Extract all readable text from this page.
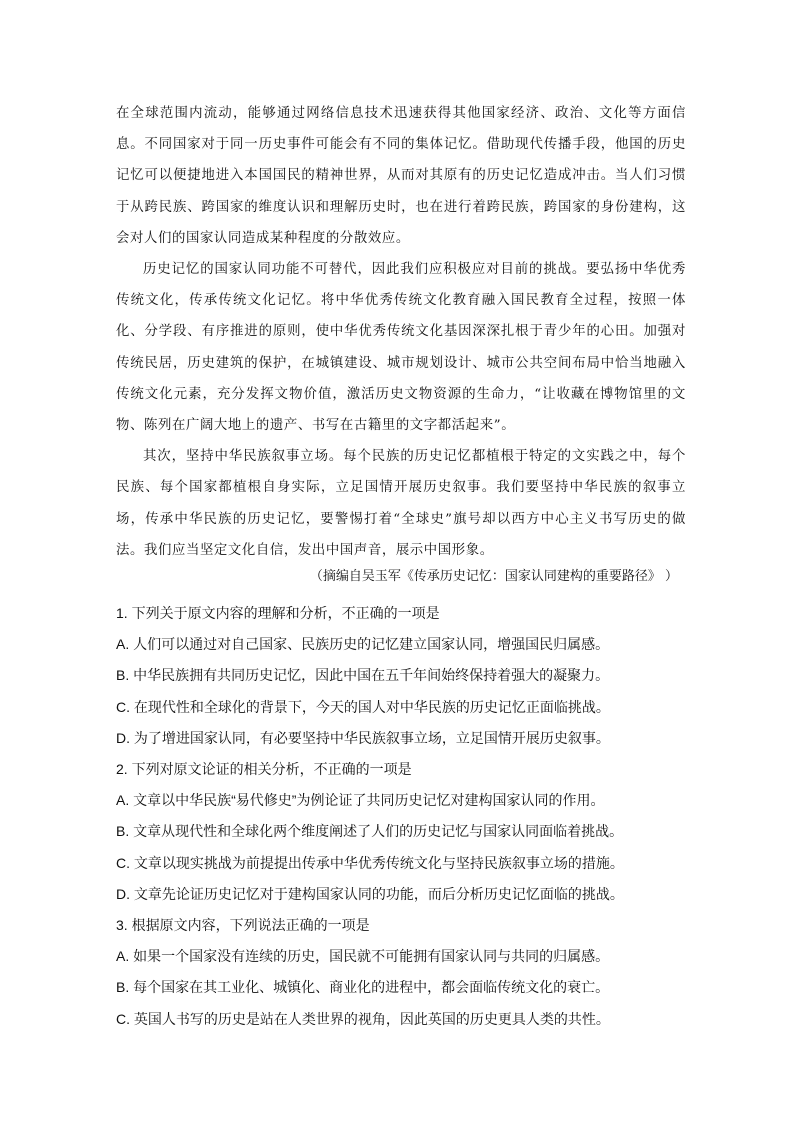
在全球范围内流动，能够通过网络信息技术迅速获得其他国家经济、政治、文化等方面信息。不同国家对于同一历史事件可能会有不同的集体记忆。借助现代传播手段，他国的历史记忆可以便捷地进入本国国民的精神世界，从而对其原有的历史记忆造成冲击。当人们习惯于从跨民族、跨国家的维度认识和理解历史时，也在进行着跨民族，跨国家的身份建构，这会对人们的国家认同造成某种程度的分散效应。

历史记忆的国家认同功能不可替代，因此我们应积极应对目前的挑战。要弘扬中华优秀传统文化，传承传统文化记忆。将中华优秀传统文化教育融入国民教育全过程，按照一体化、分学段、有序推进的原则，使中华优秀传统文化基因深深扎根于青少年的心田。加强对传统民居，历史建筑的保护，在城镇建设、城市规划设计、城市公共空间布局中恰当地融入传统文化元素，充分发挥文物价值，激活历史文物资源的生命力，“让收藏在博物馆里的文物、陈列在广阔大地上的遗产、书写在古籍里的文字都活起来”。

其次，坚持中华民族叙事立场。每个民族的历史记忆都植根于特定的文实践之中，每个民族、每个国家都植根自身实际，立足国情开展历史叙事。我们要坚持中华民族的叙事立场，传承中华民族的历史记忆，要警惕打着“全球史”旗号却以西方中心主义书写历史的做法。我们应当坚定文化自信，发出中国声音，展示中国形象。

（摘编自吴玉军《传承历史记忆：国家认同建构的重要路径》 ）

1. 下列关于原文内容的理解和分析，不正确的一项是

A. 人们可以通过对自己国家、民族历史的记忆建立国家认同，增强国民归属感。

B. 中华民族拥有共同历史记忆，因此中国在五千年间始终保持着强大的凝聚力。

C. 在现代性和全球化的背景下，今天的国人对中华民族的历史记忆正面临挑战。

D. 为了增进国家认同，有必要坚持中华民族叙事立场，立足国情开展历史叙事。

2. 下列对原文论证的相关分析，不正确的一项是

A. 文章以中华民族“易代修史”为例论证了共同历史记忆对建构国家认同的作用。

B. 文章从现代性和全球化两个维度阐述了人们的历史记忆与国家认同面临着挑战。

C. 文章以现实挑战为前提提出传承中华优秀传统文化与坚持民族叙事立场的措施。

D. 文章先论证历史记忆对于建构国家认同的功能，而后分析历史记忆面临的挑战。

3. 根据原文内容，下列说法正确的一项是

A. 如果一个国家没有连续的历史，国民就不可能拥有国家认同与共同的归属感。

B. 每个国家在其工业化、城镇化、商业化的进程中，都会面临传统文化的衰亡。

C. 英国人书写的历史是站在人类世界的视角，因此英国的历史更具人类的共性。
